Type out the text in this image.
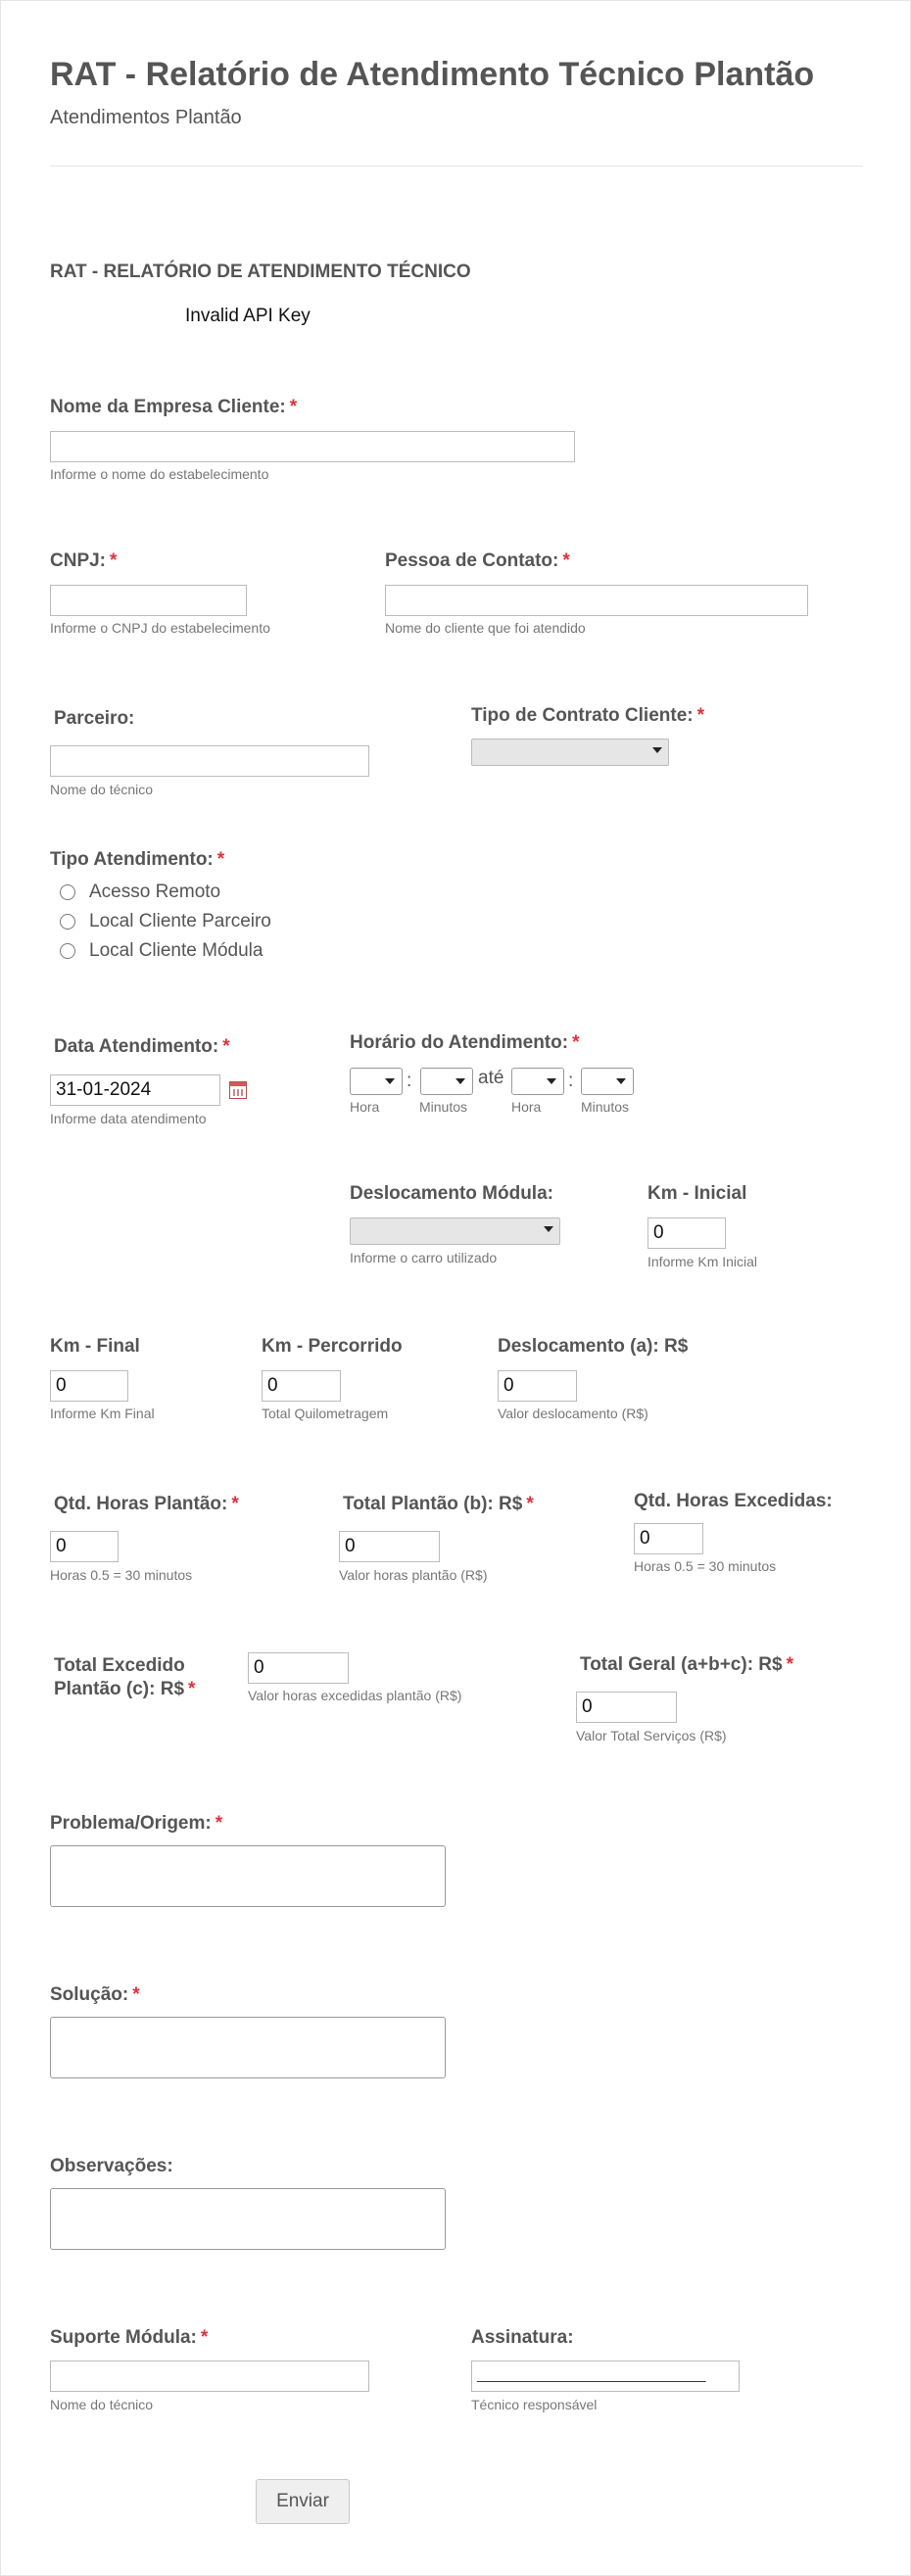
RAT - Relatório de Atendimento Técnico Plantão
Atendimentos Plantão
RAT - RELATÓRIO DE ATENDIMENTO TÉCNICO
Invalid API Key
Nome da Empresa Cliente: *
Informe o nome do estabelecimento
CNPJ: *
Informe o CNPJ do estabelecimento
Pessoa de Contato: *
Nome do cliente que foi atendido
Parceiro:
Nome do técnico
Tipo de Contrato Cliente: *
Tipo Atendimento: *
Acesso Remoto
Local Cliente Parceiro
Local Cliente Módula
Data Atendimento: *
31-01-2024
Informe data atendimento
Horário do Atendimento: *
:	até	:
Hora	Minutos	Hora	Minutos
Deslocamento Módula:
Informe o carro utilizado
Km - Inicial
0
Informe Km Inicial
Km - Final
0
Informe Km Final
Km - Percorrido
0
Total Quilometragem
Deslocamento (a): R$
0
Valor deslocamento (R$)
Qtd. Horas Plantão: *
0
Horas 0.5 = 30 minutos
Total Plantão (b): R$ *
0
Valor horas plantão (R$)
Qtd. Horas Excedidas:
0
Horas 0.5 = 30 minutos
Total Excedido
Plantão (c): R$ *
0	Valor horas excedidas plantão (R$)
Total Geral (a+b+c): R$ *
0
Valor Total Serviços (R$)
Problema/Origem: *
Solução: *
Observações:
Suporte Módula: *
Nome do técnico
Assinatura:
______________________________
Técnico responsável
Enviar
